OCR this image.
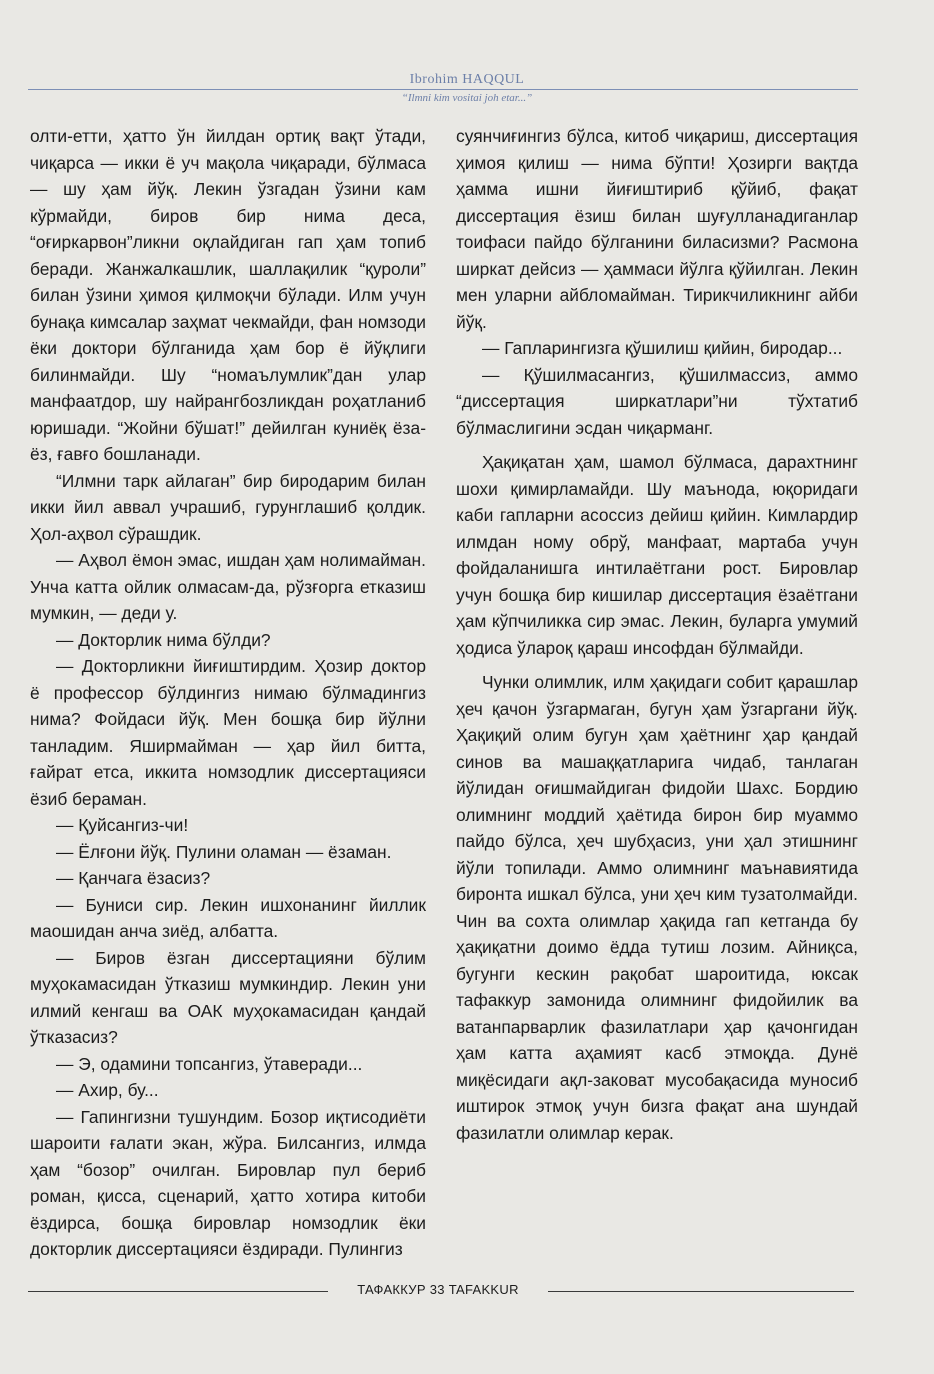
Ibrohim HAQQUL
“Ilmni kim vositai joh etar...”

олти-етти, ҳатто ўн йилдан ортиқ вақт ўтади, чиқарса — икки ё уч мақола чиқаради, бўлмаса — шу ҳам йўқ. Лекин ўзгадан ўзини кам кўрмайди, биров бир нима деса, “оғиркарвон”ликни оқлайдиган гап ҳам топиб беради. Жанжалкашлик, шаллақилик “қуроли” билан ўзини ҳимоя қилмоқчи бўлади. Илм учун бунақа кимсалар заҳмат чекмайди, фан номзоди ёки доктори бўлганида ҳам бор ё йўқлиги билинмайди. Шу “номаълумлик”дан улар манфаатдор, шу найрангбозликдан роҳатланиб юришади. “Жойни бўшат!” дейилган куниёқ ёза-ёз, ғавғо бошланади.

“Илмни тарк айлаган” бир биродарим билан икки йил аввал учрашиб, гурунглашиб қолдик. Ҳол-аҳвол сўрашдик.

— Аҳвол ёмон эмас, ишдан ҳам нолимайман. Унча катта ойлик олмасам-да, рўзғорга етказиш мумкин, — деди у.

— Докторлик нима бўлди?

— Докторликни йиғиштирдим. Ҳозир доктор ё профессор бўлдингиз нимаю бўлмадингиз нима? Фойдаси йўқ. Мен бошқа бир йўлни танладим. Яширмайман — ҳар йил битта, ғайрат етса, иккита номзодлик диссертацияси ёзиб бераман.

— Қуйсангиз-чи!

— Ёлғони йўқ. Пулини оламан — ёзаман.

— Қанчага ёзасиз?

— Буниси сир. Лекин ишхонанинг йиллик маошидан анча зиёд, албатта.

— Биров ёзган диссертацияни бўлим муҳокамасидан ўтказиш мумкиндир. Лекин уни илмий кенгаш ва ОАК муҳокамасидан қандай ўтказасиз?

— Э, одамини топсангиз, ўтаверади...

— Ахир, бу...

— Гапингизни тушундим. Бозор иқтисодиёти шароити ғалати экан, жўра. Билсангиз, илмда ҳам “бозор” очилган. Бировлар пул бериб роман, қисса, сценарий, ҳатто хотира китоби ёздирса, бошқа бировлар номзодлик ёки докторлик диссертацияси ёздиради. Пулингиз

суянчиғингиз бўлса, китоб чиқариш, диссертация ҳимоя қилиш — нима бўпти! Ҳозирги вақтда ҳамма ишни йиғиштириб қўйиб, фақат диссертация ёзиш билан шуғулланадиганлар тоифаси пайдо бўлганини биласизми? Расмона ширкат дейсиз — ҳаммаси йўлга қўйилган. Лекин мен уларни айбломайман. Тирикчиликнинг айби йўқ.

— Гапларингизга қўшилиш қийин, биродар...

— Қўшилмасангиз, қўшилмассиз, аммо “диссертация ширкатлари”ни тўхтатиб бўлмаслигини эсдан чиқарманг.

Ҳақиқатан ҳам, шамол бўлмаса, дарахтнинг шохи қимирламайди. Шу маънода, юқоридаги каби гапларни асоссиз дейиш қийин. Кимлардир илмдан ному обрў, манфаат, мартаба учун фойдаланишга интилаётгани рост. Бировлар учун бошқа бир кишилар диссертация ёзаётгани ҳам кўпчиликка сир эмас. Лекин, буларга умумий ҳодиса ўлароқ қараш инсофдан бўлмайди.

Чунки олимлик, илм ҳақидаги собит қарашлар ҳеч қачон ўзгармаган, бугун ҳам ўзгаргани йўқ. Ҳақиқий олим бугун ҳам ҳаётнинг ҳар қандай синов ва машаққатларига чидаб, танлаган йўлидан оғишмайдиган фидойи Шахс. Бордию олимнинг моддий ҳаётида бирон бир муаммо пайдо бўлса, ҳеч шубҳасиз, уни ҳал этишнинг йўли топилади. Аммо олимнинг маънавиятида биронта ишкал бўлса, уни ҳеч ким тузатолмайди. Чин ва сохта олимлар ҳақида гап кетганда бу ҳақиқатни доимо ёдда тутиш лозим. Айниқса, бугунги кескин рақобат шароитида, юксак тафаккур замонида олимнинг фидойилик ва ватанпарварлик фазилатлари ҳар қачонгидан ҳам катта аҳамият касб этмоқда. Дунё миқёсидаги ақл-заковат мусобақасида муносиб иштирок этмоқ учун бизга фақат ана шундай фазилатли олимлар керак.

ТАФАККУР 33 TAFAKKUR
